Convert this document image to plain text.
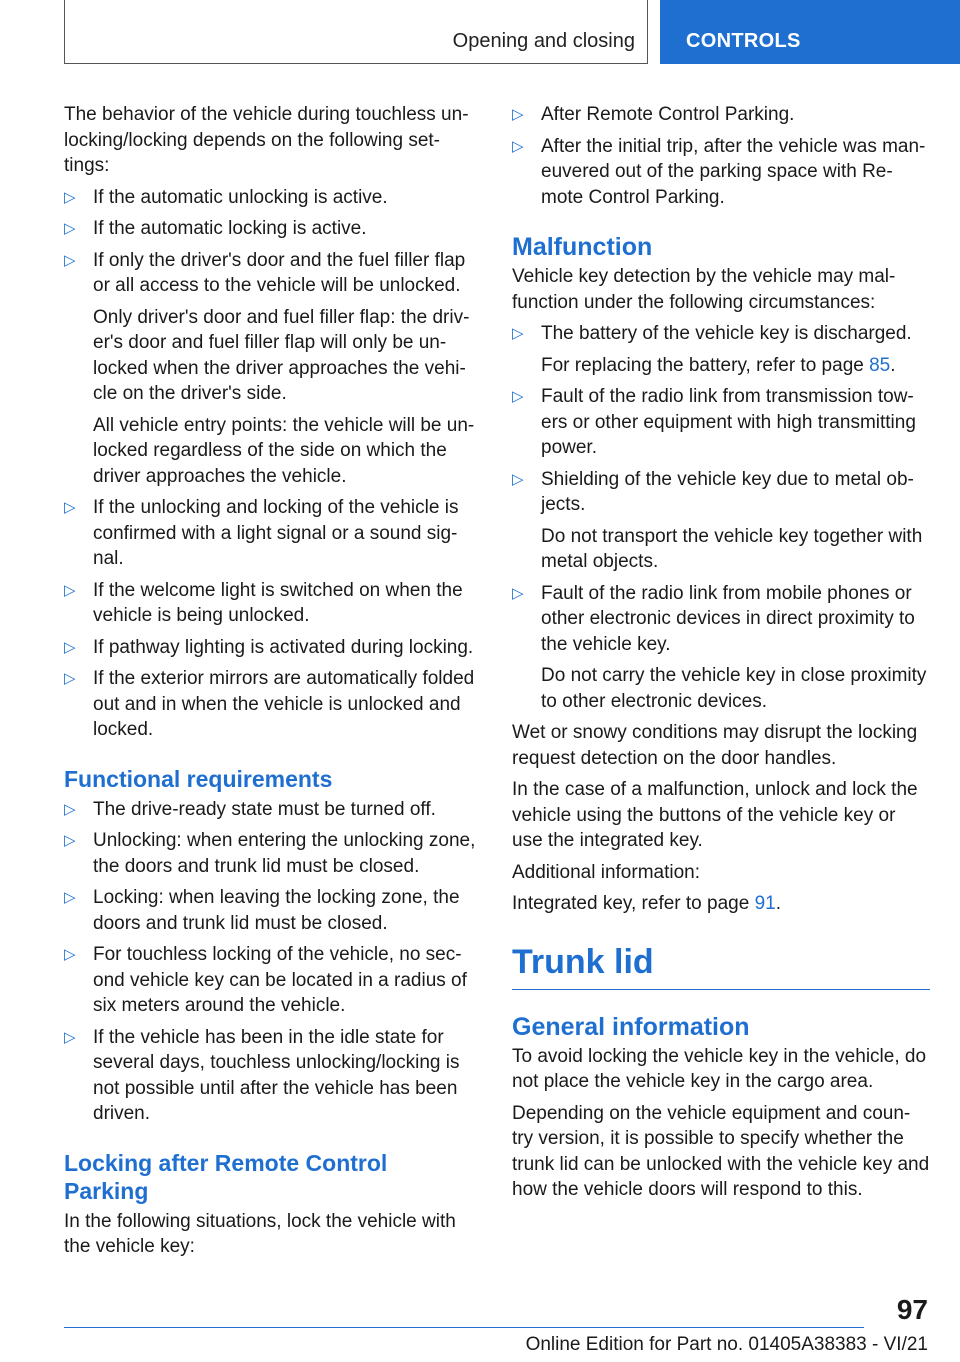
Opening and closing	CONTROLS

The behavior of the vehicle during touchless un-locking/locking depends on the following set-tings:

▷ If the automatic unlocking is active.
▷ If the automatic locking is active.
▷ If only the driver's door and the fuel filler flap or all access to the vehicle will be unlocked.

Only driver's door and fuel filler flap: the driv-er's door and fuel filler flap will only be un-locked when the driver approaches the vehi-cle on the driver's side.

All vehicle entry points: the vehicle will be un-locked regardless of the side on which the driver approaches the vehicle.

▷ If the unlocking and locking of the vehicle is confirmed with a light signal or a sound sig-nal.
▷ If the welcome light is switched on when the vehicle is being unlocked.
▷ If pathway lighting is activated during locking.
▷ If the exterior mirrors are automatically folded out and in when the vehicle is unlocked and locked.
Functional requirements
▷ The drive-ready state must be turned off.
▷ Unlocking: when entering the unlocking zone, the doors and trunk lid must be closed.
▷ Locking: when leaving the locking zone, the doors and trunk lid must be closed.
▷ For touchless locking of the vehicle, no sec-ond vehicle key can be located in a radius of six meters around the vehicle.
▷ If the vehicle has been in the idle state for several days, touchless unlocking/locking is not possible until after the vehicle has been driven.
Locking after Remote Control Parking

In the following situations, lock the vehicle with the vehicle key:

▷ After Remote Control Parking.
▷ After the initial trip, after the vehicle was man-euvered out of the parking space with Re-mote Control Parking.
Malfunction

Vehicle key detection by the vehicle may mal-function under the following circumstances:

▷ The battery of the vehicle key is discharged.

For replacing the battery, refer to page 85.

▷ Fault of the radio link from transmission tow-ers or other equipment with high transmitting power.
▷ Shielding of the vehicle key due to metal ob-jects.

Do not transport the vehicle key together with metal objects.

▷ Fault of the radio link from mobile phones or other electronic devices in direct proximity to the vehicle key.

Do not carry the vehicle key in close proximity to other electronic devices.

Wet or snowy conditions may disrupt the locking request detection on the door handles.

In the case of a malfunction, unlock and lock the vehicle using the buttons of the vehicle key or use the integrated key.

Additional information:

Integrated key, refer to page 91.

Trunk lid
General information

To avoid locking the vehicle key in the vehicle, do not place the vehicle key in the cargo area.

Depending on the vehicle equipment and coun-try version, it is possible to specify whether the trunk lid can be unlocked with the vehicle key and how the vehicle doors will respond to this.

97
Online Edition for Part no. 01405A38383 - VI/21
